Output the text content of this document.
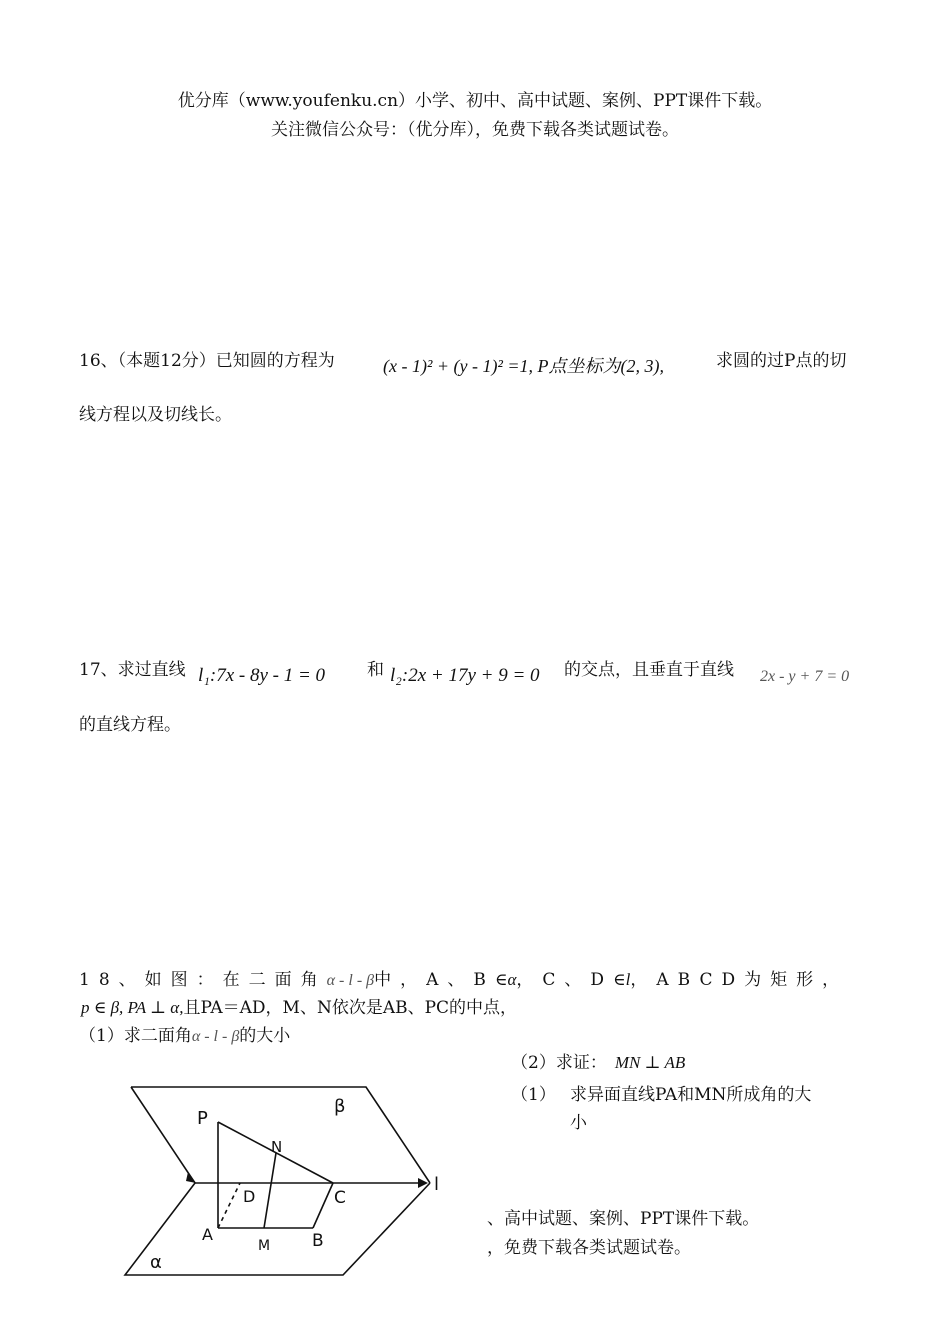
优分库（www.youfenku.cn）小学、初中、高中试题、案例、PPT课件下载。
关注微信公众号：（优分库），免费下载各类试题试卷。
16、（本题12分）已知圆的方程为	(x - 1)² + (y - 1)² =1, P点坐标为(2, 3),	求圆的过P点的切
线方程以及切线长。
17、求过直线 l₁:7x - 8y - 1 = 0 和 l₂:2x + 17y + 9 = 0 的交点，且垂直于直线 2x - y + 7 = 0
的直线方程。
18、如图：在二面角α - l - β中，A、B∈α，C、D∈l，ABCD为矩形，
p ∈ β, PA ⊥ α,且PA＝AD，M、N依次是AB、PC的中点，
（1）求二面角α - l - β的大小
（2）求证： MN ⊥ AB
（1） 求异面直线PA和MN所成角的大
小
、高中试题、案例、PPT课件下载。
，免费下载各类试题试卷。
P
N
β
D	C
l
A
M B
α
